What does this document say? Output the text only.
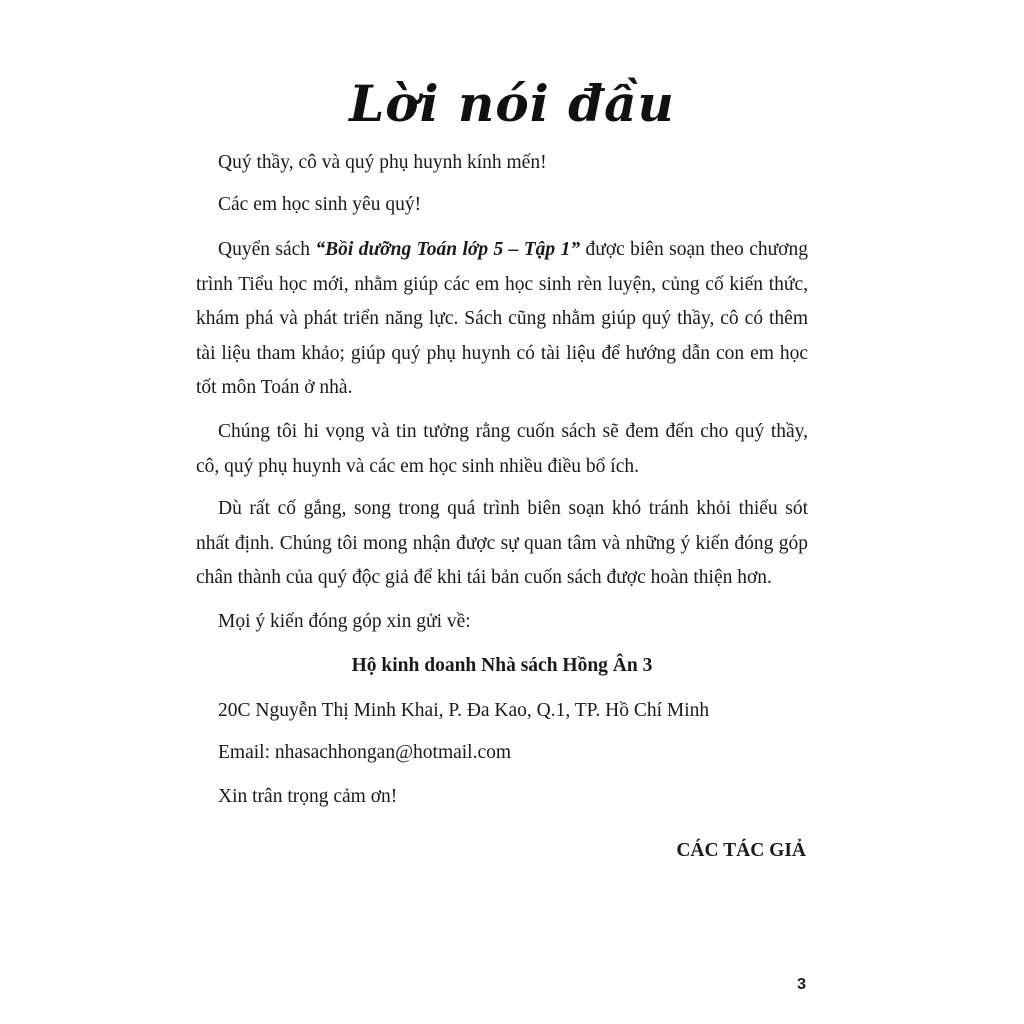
Lời nói đầu
Quý thầy, cô và quý phụ huynh kính mến!
Các em học sinh yêu quý!
Quyển sách “Bồi dưỡng Toán lớp 5 – Tập 1” được biên soạn theo chương trình Tiểu học mới, nhằm giúp các em học sinh rèn luyện, củng cố kiến thức, khám phá và phát triển năng lực. Sách cũng nhằm giúp quý thầy, cô có thêm tài liệu tham khảo; giúp quý phụ huynh có tài liệu để hướng dẫn con em học tốt môn Toán ở nhà.
Chúng tôi hi vọng và tin tưởng rằng cuốn sách sẽ đem đến cho quý thầy, cô, quý phụ huynh và các em học sinh nhiều điều bổ ích.
Dù rất cố gắng, song trong quá trình biên soạn khó tránh khỏi thiếu sót nhất định. Chúng tôi mong nhận được sự quan tâm và những ý kiến đóng góp chân thành của quý độc giả để khi tái bản cuốn sách được hoàn thiện hơn.
Mọi ý kiến đóng góp xin gửi về:
Hộ kinh doanh Nhà sách Hồng Ân 3
20C Nguyễn Thị Minh Khai, P. Đa Kao, Q.1, TP. Hồ Chí Minh
Email: nhasachhongan@hotmail.com
Xin trân trọng cảm ơn!
CÁC TÁC GIẢ
3
